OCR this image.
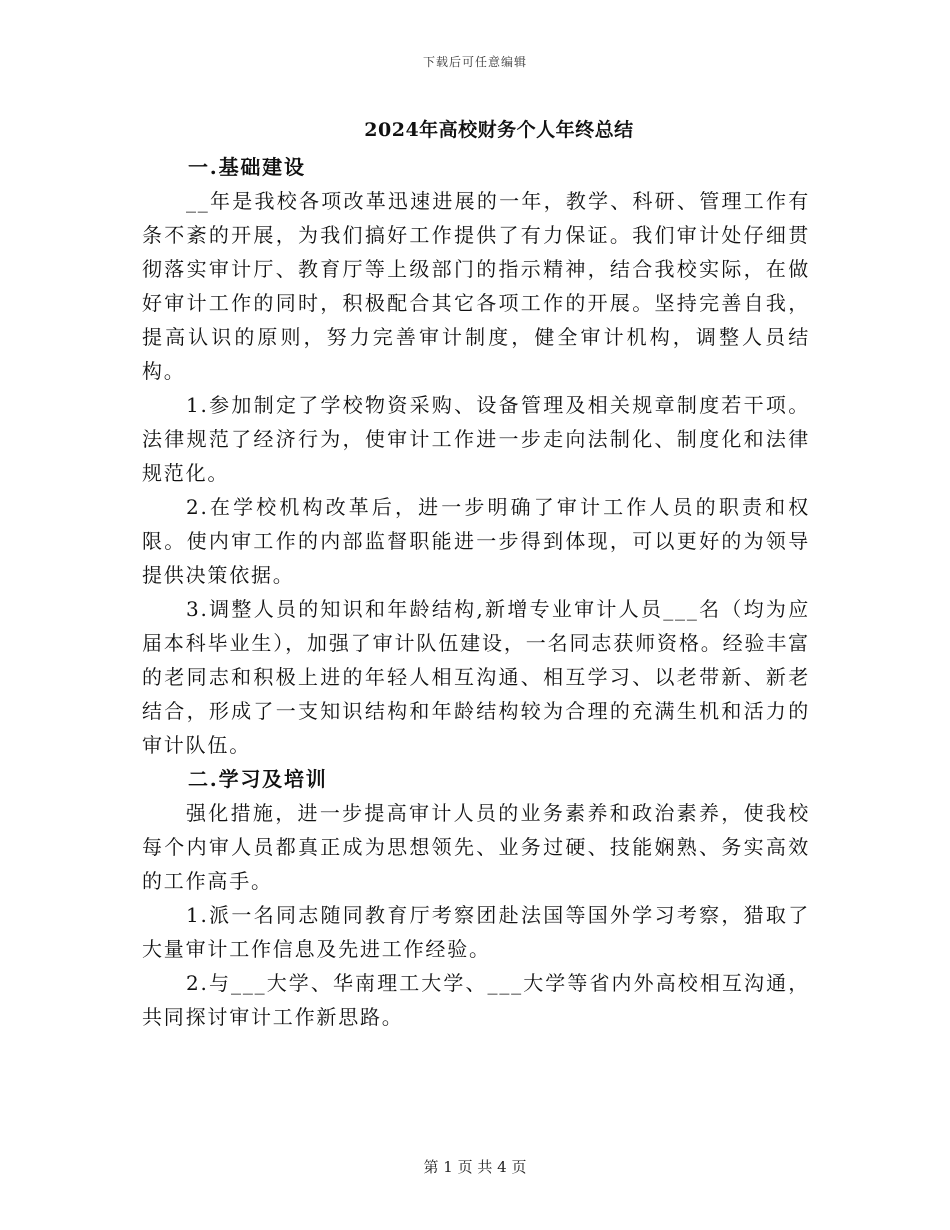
下载后可任意编辑
2024年高校财务个人年终总结
一.基础建设

__年是我校各项改革迅速进展的一年，教学、科研、管理工作有条不紊的开展，为我们搞好工作提供了有力保证。我们审计处仔细贯彻落实审计厅、教育厅等上级部门的指示精神，结合我校实际，在做好审计工作的同时，积极配合其它各项工作的开展。坚持完善自我，提高认识的原则，努力完善审计制度，健全审计机构，调整人员结构。

1.参加制定了学校物资采购、设备管理及相关规章制度若干项。法律规范了经济行为，使审计工作进一步走向法制化、制度化和法律规范化。

2.在学校机构改革后，进一步明确了审计工作人员的职责和权限。使内审工作的内部监督职能进一步得到体现，可以更好的为领导提供决策依据。

3.调整人员的知识和年龄结构,新增专业审计人员___名（均为应届本科毕业生），加强了审计队伍建设，一名同志获师资格。经验丰富的老同志和积极上进的年轻人相互沟通、相互学习、以老带新、新老结合，形成了一支知识结构和年龄结构较为合理的充满生机和活力的审计队伍。

二.学习及培训

强化措施，进一步提高审计人员的业务素养和政治素养，使我校每个内审人员都真正成为思想领先、业务过硬、技能娴熟、务实高效的工作高手。

1.派一名同志随同教育厅考察团赴法国等国外学习考察，猎取了大量审计工作信息及先进工作经验。

2.与___大学、华南理工大学、___大学等省内外高校相互沟通，共同探讨审计工作新思路。

第 1 页 共 4 页
